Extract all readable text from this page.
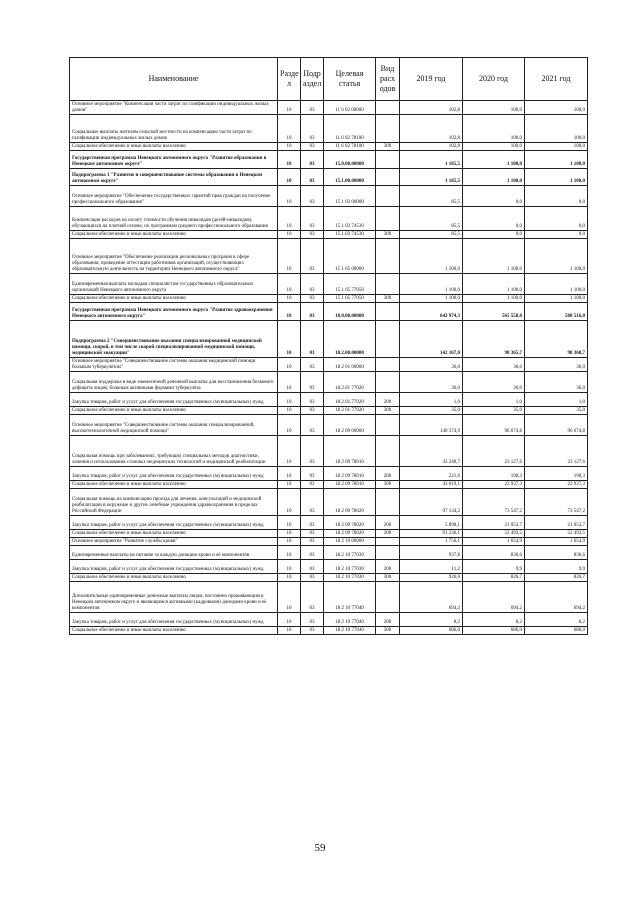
Наименование	Разде л	Подр аздел	Целевая статья	Вид расх одов	2019 год	2020 год	2021 год
Основное мероприятие "Компенсация части затрат по газификации индивидуальных жилых домов"	10	03	11 6 02 00000		102,8	100,0	100,0
Социальные выплаты жителям сельской местности на компенсацию части затрат по газификации индивидуальных жилых домов	10	03	11 6 02 78100		102,8	100,0	100,0
Социальное обеспечение и иные выплаты населению	10	03	11 6 02 78100	300	102,8	100,0	100,0
Государственная программа Ненецкого автономного округа "Развитие образования в Ненецком автономном округе"	10	03	15.0.00.00000		1 185,5	1 100,0	1 100,0
Подпрограмма 1 "Развитие и совершенствование системы образования в Ненецком автономном округе"	10	03	15.1.00.00000		1 185,5	1 100,0	1 100,0
Основное мероприятие "Обеспечение государственных гарантий прав граждан на получение профессионального образования"	10	03	15 1 03 00000		85,5	0,0	0,0
Компенсация расходов на оплату стоимости обучения инвалидов (детей-инвалидов), обучающихся на платной основе, по программам среднего профессионального образования	10	03	15 1 03 74530		85,5	0,0	0,0
Социальное обеспечение и иные выплаты населению	10	03	15.1.03 74530	300	85,5	0,0	0,0
Основное мероприятие "Обеспечение реализации региональных программ в сфере образования, проведение аттестации работников организаций, осуществляющих образовательную деятельность на территории Ненецкого автономного округа"	10	03	15 1 05 00000		1 100,0	1 100,0	1 100,0
Единовременная выплата молодым специалистам государственных образовательных организаций Ненецкого автономного округа	10	03	15 1 05 77050		1 100,0	1 100,0	1 100,0
Социальное обеспечение и иные выплаты населению	10	03	15 1 05 77050	300	1 100,0	1 100,0	1 100,0
Государственная программа Ненецкого автономного округа "Развитие здравоохранения Ненецкого автономного округа"	10	03	18.0.00.00000		642 974,3	565 558,8	580 516,0
Подпрограмма 2 "Совершенствование оказания специализированной медицинской помощи, скорой, в том числе скорой специализированной медицинской помощи, медицинской эвакуации"	10	03	18.2.00.00000		142 167,0	98 365,7	98 368,7
Основное мероприятие "Совершенствование системы оказания медицинской помощи больным туберкулёзом"	10	03	18 2 01 00000		36,0	36,0	36,0
Социальная поддержка в виде ежемесячной денежной выплаты для восстановления белкового дефицита лицам, больным активными формами туберкулёза	10	03	18.2.01 77020		36,0	36,0	36,0
Закупка товаров, работ и услуг для обеспечения государственных (муниципальных) нужд	10	03	18.2.01.77020	200	1,0	1,0	1,0
Социальное обеспечение и иные выплаты населению	10	03	18 2 01 77020	300	35,0	35,0	35,0
Основное мероприятие "Совершенствование системы оказания специализированной, высокотехнологичной медицинской помощи"	10	03	18 2 09 00000		140 374,9	96 674,8	96 674,8
Социальная помощь при заболеваниях, требующих специальных методов диагностики, лечения и использования сложных медицинских технологий и медицинской реабилитации	10	03	18 2 09 78010		43 240,7	23 127,6	23 127,6
Закупка товаров, работ и услуг для обеспечения государственных (муниципальных) нужд	10	03	18 2 09 78010	200	221,6	190,3	190,3
Социальное обеспечение и иные выплаты населению	10	03	18 2 09 78010	300	43 019,1	22 937,3	22 937,3
Социальная помощь на компенсацию проезда для лечения, консультаций и медицинской реабилитации в окружные и другие лечебные учреждения здравоохранения в пределах Российской Федерации	10	03	18 2 09 78020		97 134,2	73 547,2	73 547,2
Закупка товаров, работ и услуг для обеспечения государственных (муниципальных) нужд	10	03	18 2 09 78020	200	5 898,1	21 053,7	21 053,7
Социальное обеспечение и иные выплаты населению	10	03	18 2 09 78020	300	91 236,1	52 493,5	52 493,5
Основное мероприятие "Развитие службы крови"	10	03	18 2 10 00000		1 756,1	1 654,9	1 654,9
Единовременные выплаты на питание за каждую донацию крови и её компонентов	10	03	18.2 10 77030		937,8	836,6	836,6
Закупка товаров, работ и услуг для обеспечения государственных (муниципальных) нужд	10	03	18 2 10 77030	200	11,2	9,9	9,9
Социальное обеспечение и иные выплаты населению	10	03	18 2 10 77030	300	926,6	826,7	826,7
Дополнительные единовременные денежные выплаты лицам, постоянно проживающим в Ненецком автономном округе и являющимся активными (кадровыми) донорами крови и её компонентов	10	03	18 2 10 77040		694,2	694,2	694,2
Закупка товаров, работ и услуг для обеспечения государственных (муниципальных) нужд	10	03	18 2 10 77040	200	8,2	8,2	8,2
Социальное обеспечение и иные выплаты населению	10	03	18 2 10 77040	300	686,0	686,0	686,0
59
